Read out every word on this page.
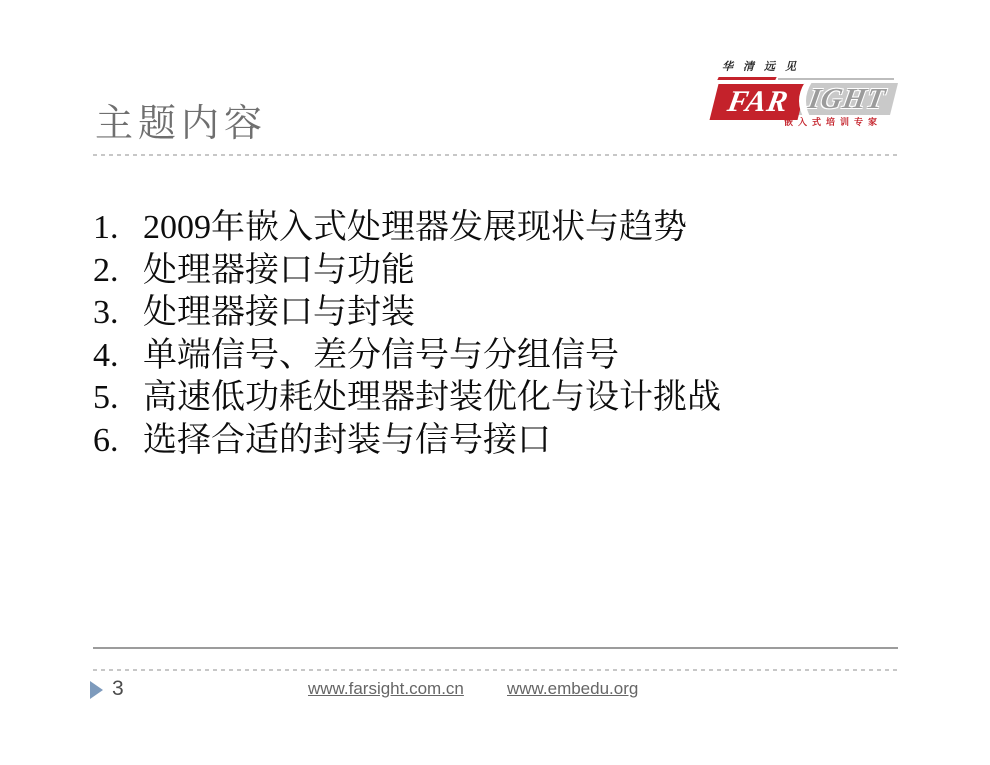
主题内容
华清远见
FAR IGHT
嵌入式培训专家
1. 2009年嵌入式处理器发展现状与趋势
2. 处理器接口与功能
3. 处理器接口与封装
4. 单端信号、差分信号与分组信号
5. 高速低功耗处理器封装优化与设计挑战
6. 选择合适的封装与信号接口
3	www.farsight.com.cn	www.embedu.org
